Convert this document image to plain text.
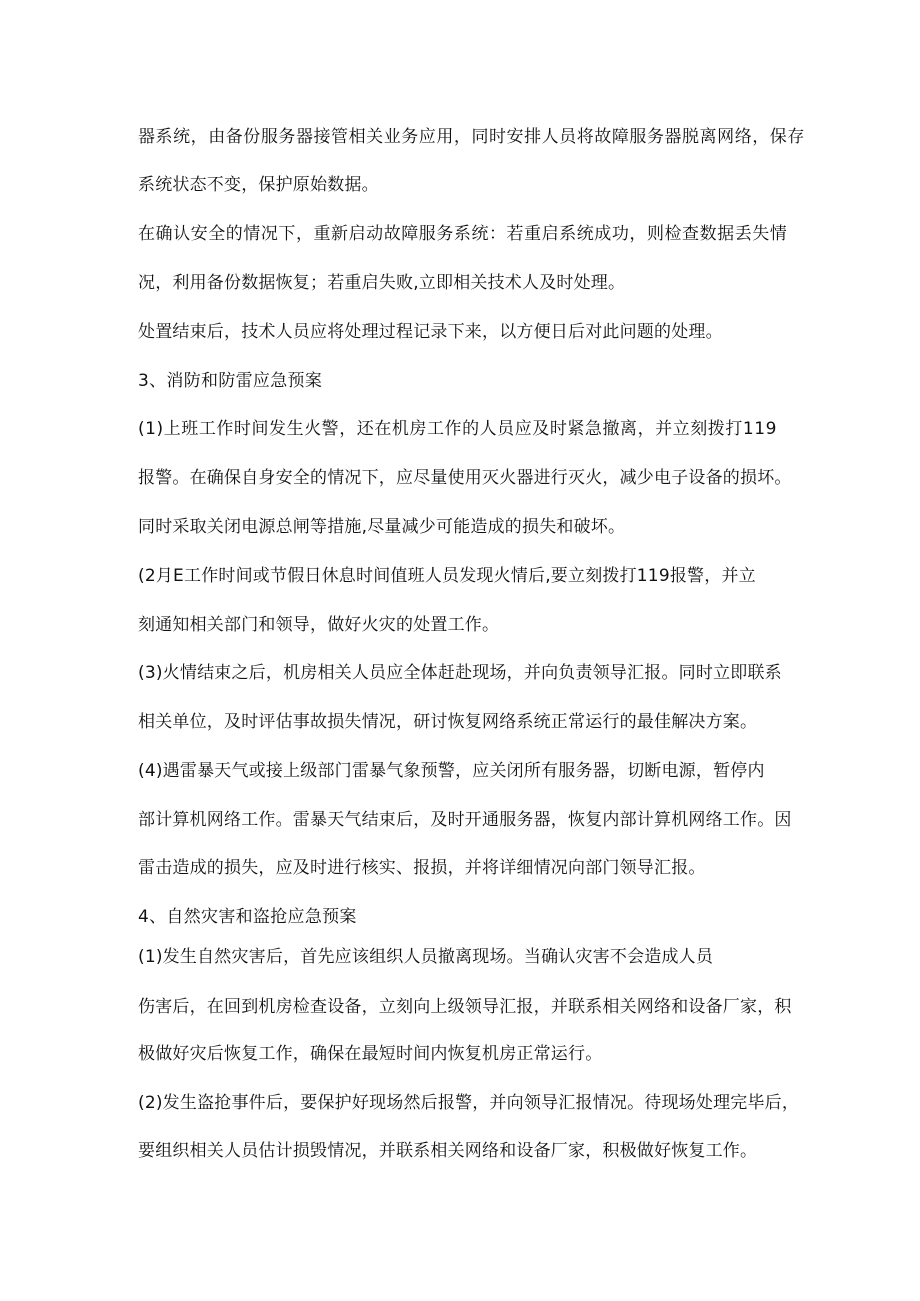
器系统，由备份服务器接管相关业务应用，同时安排人员将故障服务器脱离网络，保存
系统状态不变，保护原始数据。
在确认安全的情况下，重新启动故障服务系统：若重启系统成功，则检查数据丢失情
况，利用备份数据恢复；若重启失败,立即相关技术人及时处理。
处置结束后，技术人员应将处理过程记录下来，以方便日后对此问题的处理。
3、消防和防雷应急预案
(1)上班工作时间发生火警，还在机房工作的人员应及时紧急撤离，并立刻拨打119
报警。在确保自身安全的情况下，应尽量使用灭火器进行灭火，减少电子设备的损坏。
同时采取关闭电源总闸等措施,尽量减少可能造成的损失和破坏。
(2月E工作时间或节假日休息时间值班人员发现火情后,要立刻拨打119报警，并立
刻通知相关部门和领导，做好火灾的处置工作。
(3)火情结束之后，机房相关人员应全体赶赴现场，并向负责领导汇报。同时立即联系
相关单位，及时评估事故损失情况，研讨恢复网络系统正常运行的最佳解决方案。
(4)遇雷暴天气或接上级部门雷暴气象预警，应关闭所有服务器，切断电源，暂停内
部计算机网络工作。雷暴天气结束后，及时开通服务器，恢复内部计算机网络工作。因
雷击造成的损失，应及时进行核实、报损，并将详细情况向部门领导汇报。
4、自然灾害和盗抢应急预案
(1)发生自然灾害后，首先应该组织人员撤离现场。当确认灾害不会造成人员
伤害后，在回到机房检查设备，立刻向上级领导汇报，并联系相关网络和设备厂家，积
极做好灾后恢复工作，确保在最短时间内恢复机房正常运行。
(2)发生盗抢事件后，要保护好现场然后报警，并向领导汇报情况。待现场处理完毕后，
要组织相关人员估计损毁情况，并联系相关网络和设备厂家，积极做好恢复工作。
